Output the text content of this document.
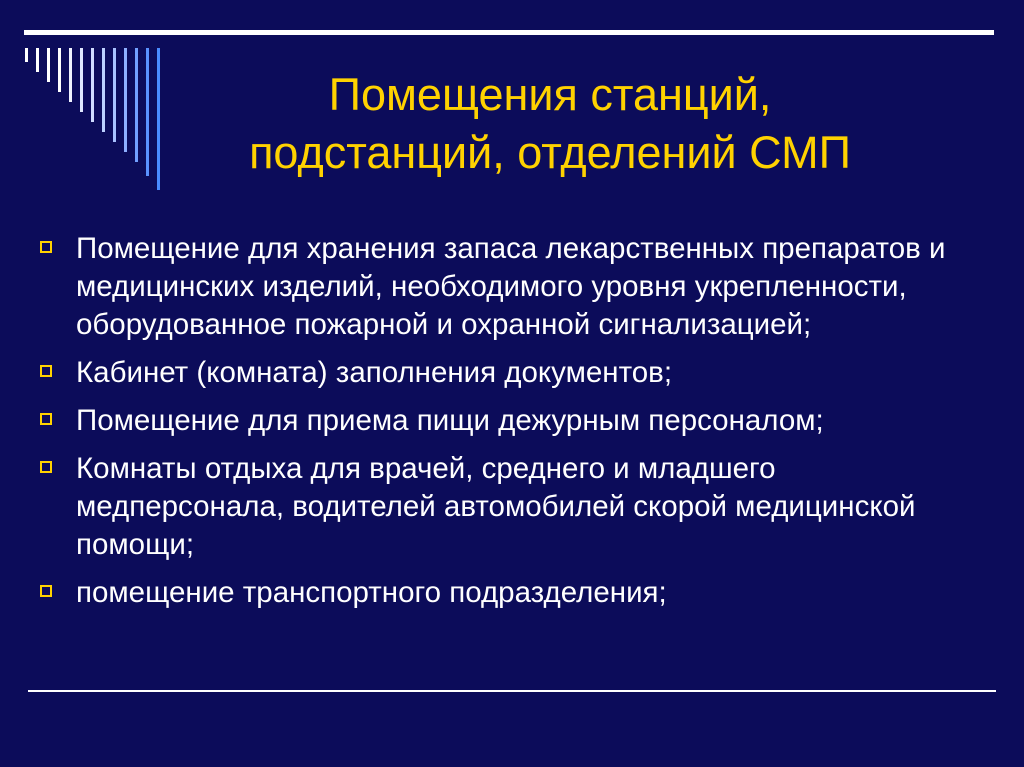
Помещения станций,
подстанций, отделений СМП
Помещение для хранения запаса лекарственных препаратов и медицинских изделий, необходимого уровня укрепленности, оборудованное пожарной и охранной сигнализацией;
Кабинет (комната) заполнения документов;
Помещение для приема пищи дежурным персоналом;
Комнаты отдыха для врачей, среднего и младшего медперсонала, водителей автомобилей скорой медицинской помощи;
помещение транспортного подразделения;
